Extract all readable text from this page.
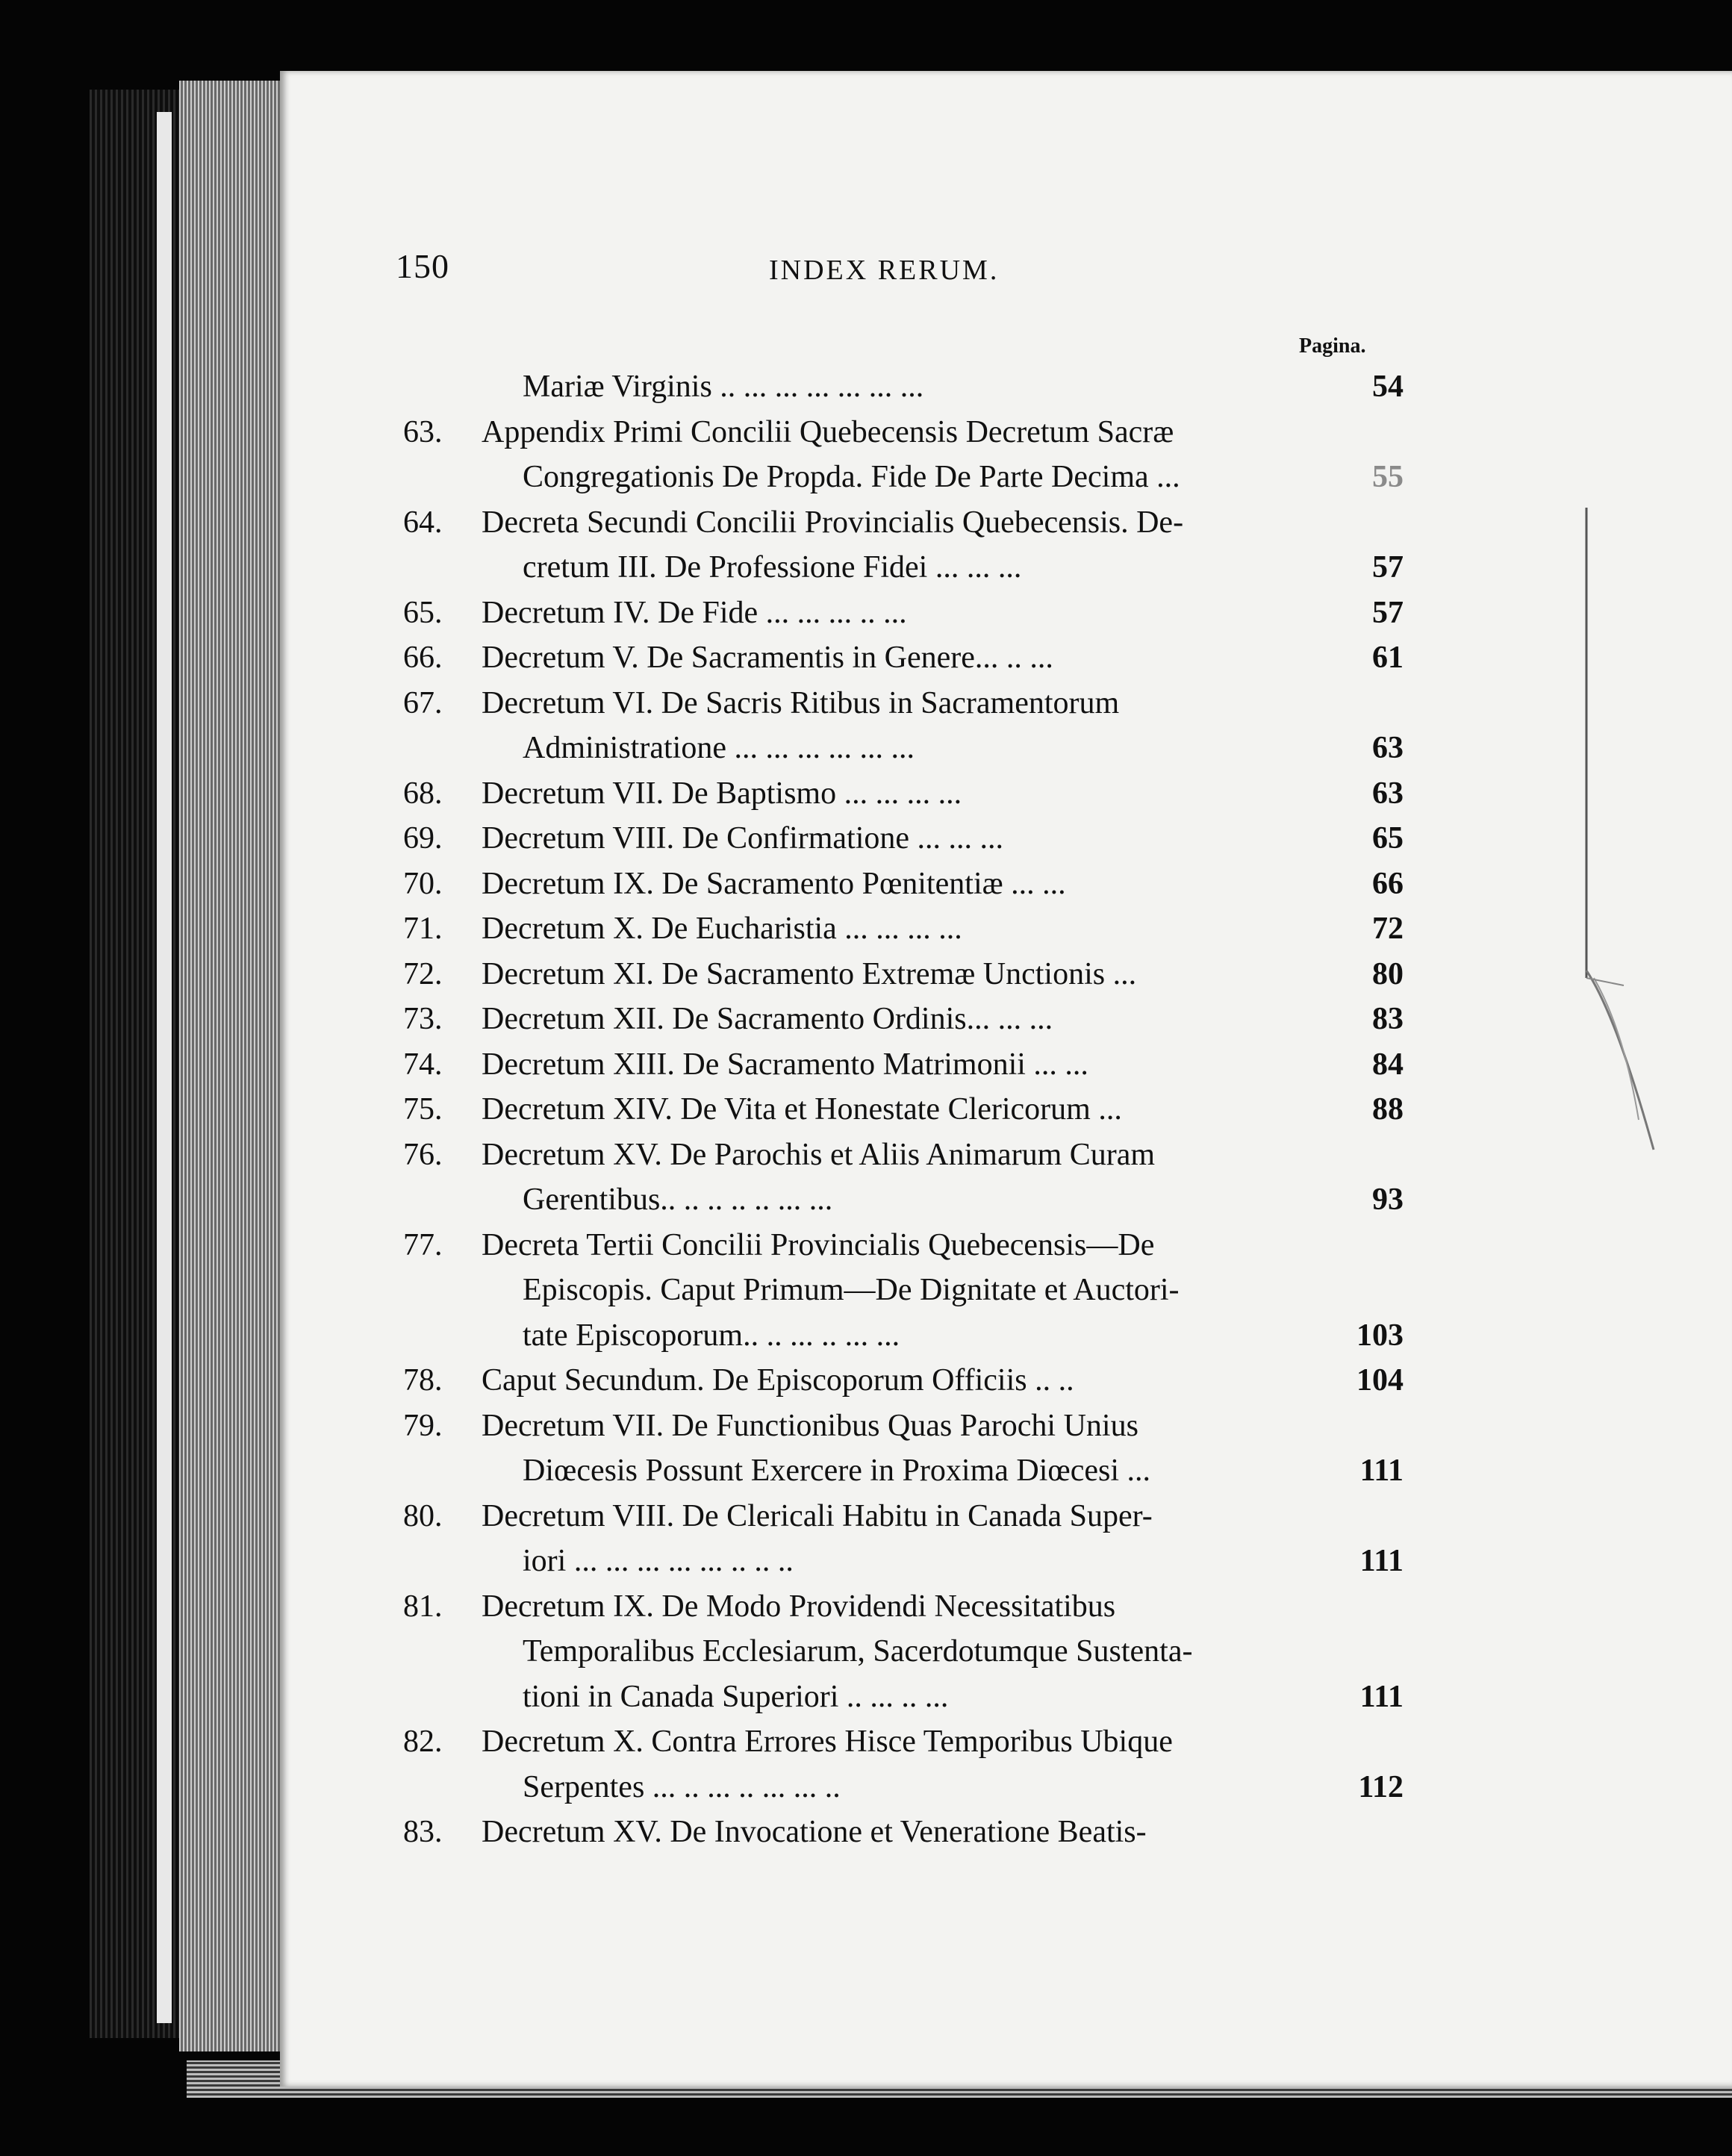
150	INDEX RERUM.
Pagina.
Mariæ Virginis .. ... ... ... ... ... ...	54
63.	Appendix Primi Concilii Quebecensis Decretum Sacræ
Congregationis De Propda. Fide De Parte Decima ...	55
64.	Decreta Secundi Concilii Provincialis Quebecensis. De-
cretum III. De Professione Fidei ... ... ...	57
65.	Decretum IV. De Fide ... ... ... .. ...	57
66.	Decretum V. De Sacramentis in Genere... .. ...	61
67.	Decretum VI. De Sacris Ritibus in Sacramentorum
Administratione ... ... ... ... ... ...	63
68.	Decretum VII. De Baptismo ... ... ... ...	63
69.	Decretum VIII. De Confirmatione ... ... ...	65
70.	Decretum IX. De Sacramento Pœnitentiæ ... ...	66
71.	Decretum X. De Eucharistia ... ... ... ...	72
72.	Decretum XI. De Sacramento Extremæ Unctionis ...	80
73.	Decretum XII. De Sacramento Ordinis... ... ...	83
74.	Decretum XIII. De Sacramento Matrimonii ... ...	84
75.	Decretum XIV. De Vita et Honestate Clericorum ...	88
76.	Decretum XV. De Parochis et Aliis Animarum Curam
Gerentibus.. .. .. .. .. ... ...	93
77.	Decreta Tertii Concilii Provincialis Quebecensis—De
Episcopis. Caput Primum—De Dignitate et Auctori-
tate Episcoporum.. .. ... .. ... ...	103
78.	Caput Secundum. De Episcoporum Officiis .. ..	104
79.	Decretum VII. De Functionibus Quas Parochi Unius
Diœcesis Possunt Exercere in Proxima Diœcesi ...	111
80.	Decretum VIII. De Clericali Habitu in Canada Super-
iori ... ... ... ... ... .. .. ..	111
81.	Decretum IX. De Modo Providendi Necessitatibus
Temporalibus Ecclesiarum, Sacerdotumque Sustenta-
tioni in Canada Superiori .. ... .. ...	111
82.	Decretum X. Contra Errores Hisce Temporibus Ubique
Serpentes ... .. ... .. ... ... ..	112
83.	Decretum XV. De Invocatione et Veneratione Beatis-
